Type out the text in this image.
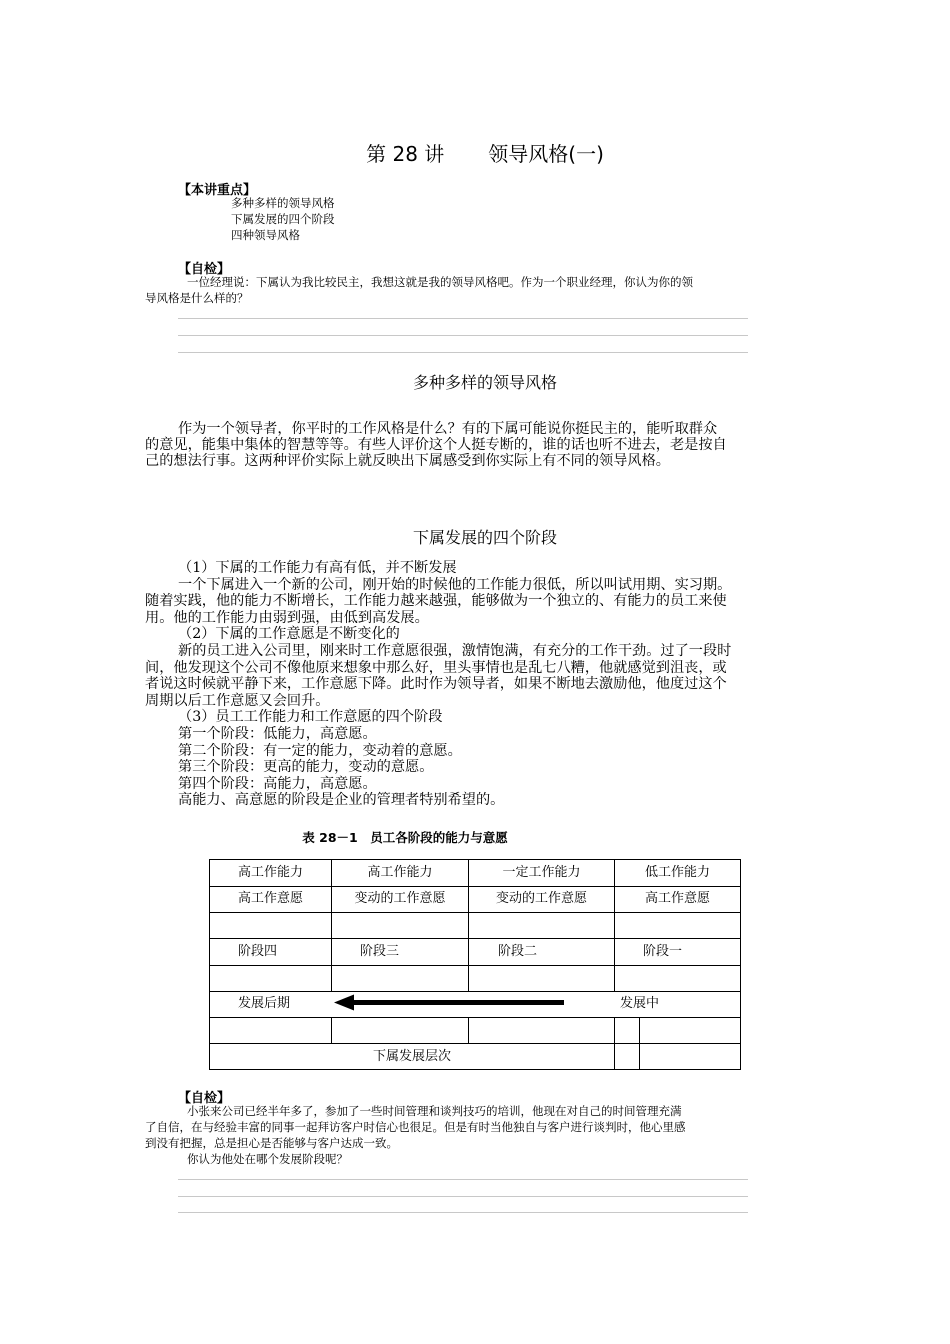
第 28 讲 领导风格(一)
【本讲重点】
多种多样的领导风格
下属发展的四个阶段
四种领导风格
【自检】
一位经理说：下属认为我比较民主，我想这就是我的领导风格吧。作为一个职业经理，你认为你的领
导风格是什么样的？
多种多样的领导风格
作为一个领导者，你平时的工作风格是什么？有的下属可能说你挺民主的，能听取群众
的意见，能集中集体的智慧等等。有些人评价这个人挺专断的，谁的话也听不进去，老是按自
己的想法行事。这两种评价实际上就反映出下属感受到你实际上有不同的领导风格。
下属发展的四个阶段
（1）下属的工作能力有高有低，并不断发展
一个下属进入一个新的公司，刚开始的时候他的工作能力很低，所以叫试用期、实习期。
随着实践，他的能力不断增长，工作能力越来越强，能够做为一个独立的、有能力的员工来使
用。他的工作能力由弱到强，由低到高发展。
（2）下属的工作意愿是不断变化的
新的员工进入公司里，刚来时工作意愿很强，激情饱满，有充分的工作干劲。过了一段时
间，他发现这个公司不像他原来想象中那么好，里头事情也是乱七八糟，他就感觉到沮丧，或
者说这时候就平静下来，工作意愿下降。此时作为领导者，如果不断地去激励他，他度过这个
周期以后工作意愿又会回升。
（3）员工工作能力和工作意愿的四个阶段
第一个阶段：低能力，高意愿。
第二个阶段：有一定的能力，变动着的意愿。
第三个阶段：更高的能力，变动的意愿。
第四个阶段：高能力，高意愿。
高能力、高意愿的阶段是企业的管理者特别希望的。
表 28－1　员工各阶段的能力与意愿
高工作能力	高工作能力	一定工作能力	低工作能力
高工作意愿	变动的工作意愿	变动的工作意愿	高工作意愿
阶段四	阶段三	阶段二	阶段一
发展后期	发展中
下属发展层次
【自检】
小张来公司已经半年多了，参加了一些时间管理和谈判技巧的培训，他现在对自己的时间管理充满
了自信，在与经验丰富的同事一起拜访客户时信心也很足。但是有时当他独自与客户进行谈判时，他心里感
到没有把握，总是担心是否能够与客户达成一致。
你认为他处在哪个发展阶段呢？
